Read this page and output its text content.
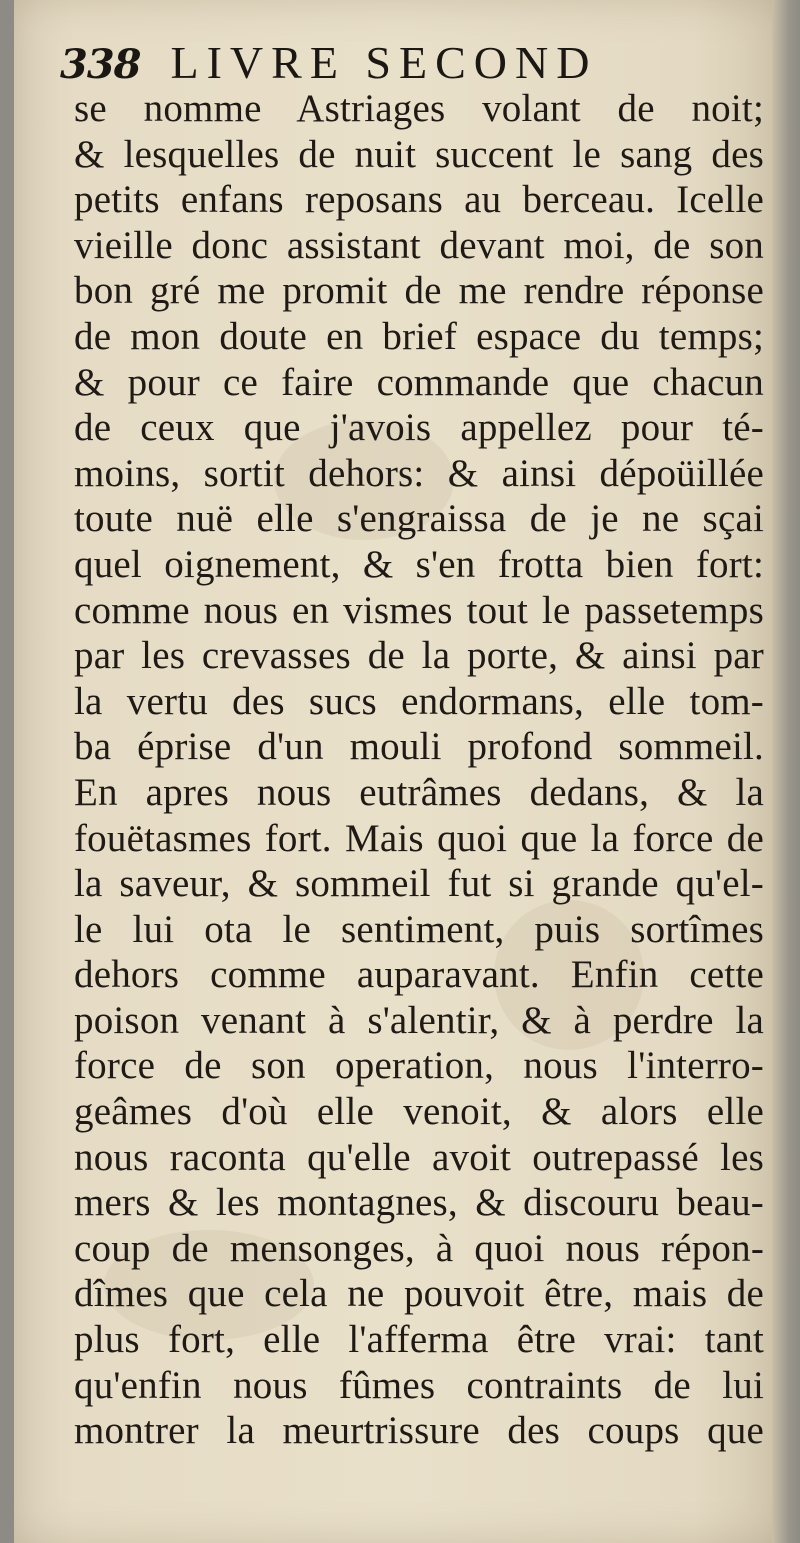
338 LIVRE SECOND
se nomme Astriages volant de noit;
& lesquelles de nuit succent le sang des
petits enfans reposans au berceau. Icelle
vieille donc assistant devant moi, de son
bon gré me promit de me rendre réponse
de mon doute en brief espace du temps;
& pour ce faire commande que chacun
de ceux que j'avois appellez pour té-
moins, sortit dehors: & ainsi dépoüillée
toute nuë elle s'engraissa de je ne sçai
quel oignement, & s'en frotta bien fort:
comme nous en vismes tout le passetemps
par les crevasses de la porte, & ainsi par
la vertu des sucs endormans, elle tom-
ba éprise d'un mouli profond sommeil.
En apres nous eutrâmes dedans, & la
fouëtasmes fort. Mais quoi que la force de
la saveur, & sommeil fut si grande qu'el-
le lui ota le sentiment, puis sortîmes
dehors comme auparavant. Enfin cette
poison venant à s'alentir, & à perdre la
force de son operation, nous l'interro-
geâmes d'où elle venoit, & alors elle
nous raconta qu'elle avoit outrepassé les
mers & les montagnes, & discouru beau-
coup de mensonges, à quoi nous répon-
dîmes que cela ne pouvoit être, mais de
plus fort, elle l'afferma être vrai: tant
qu'enfin nous fûmes contraints de lui
montrer la meurtrissure des coups que
